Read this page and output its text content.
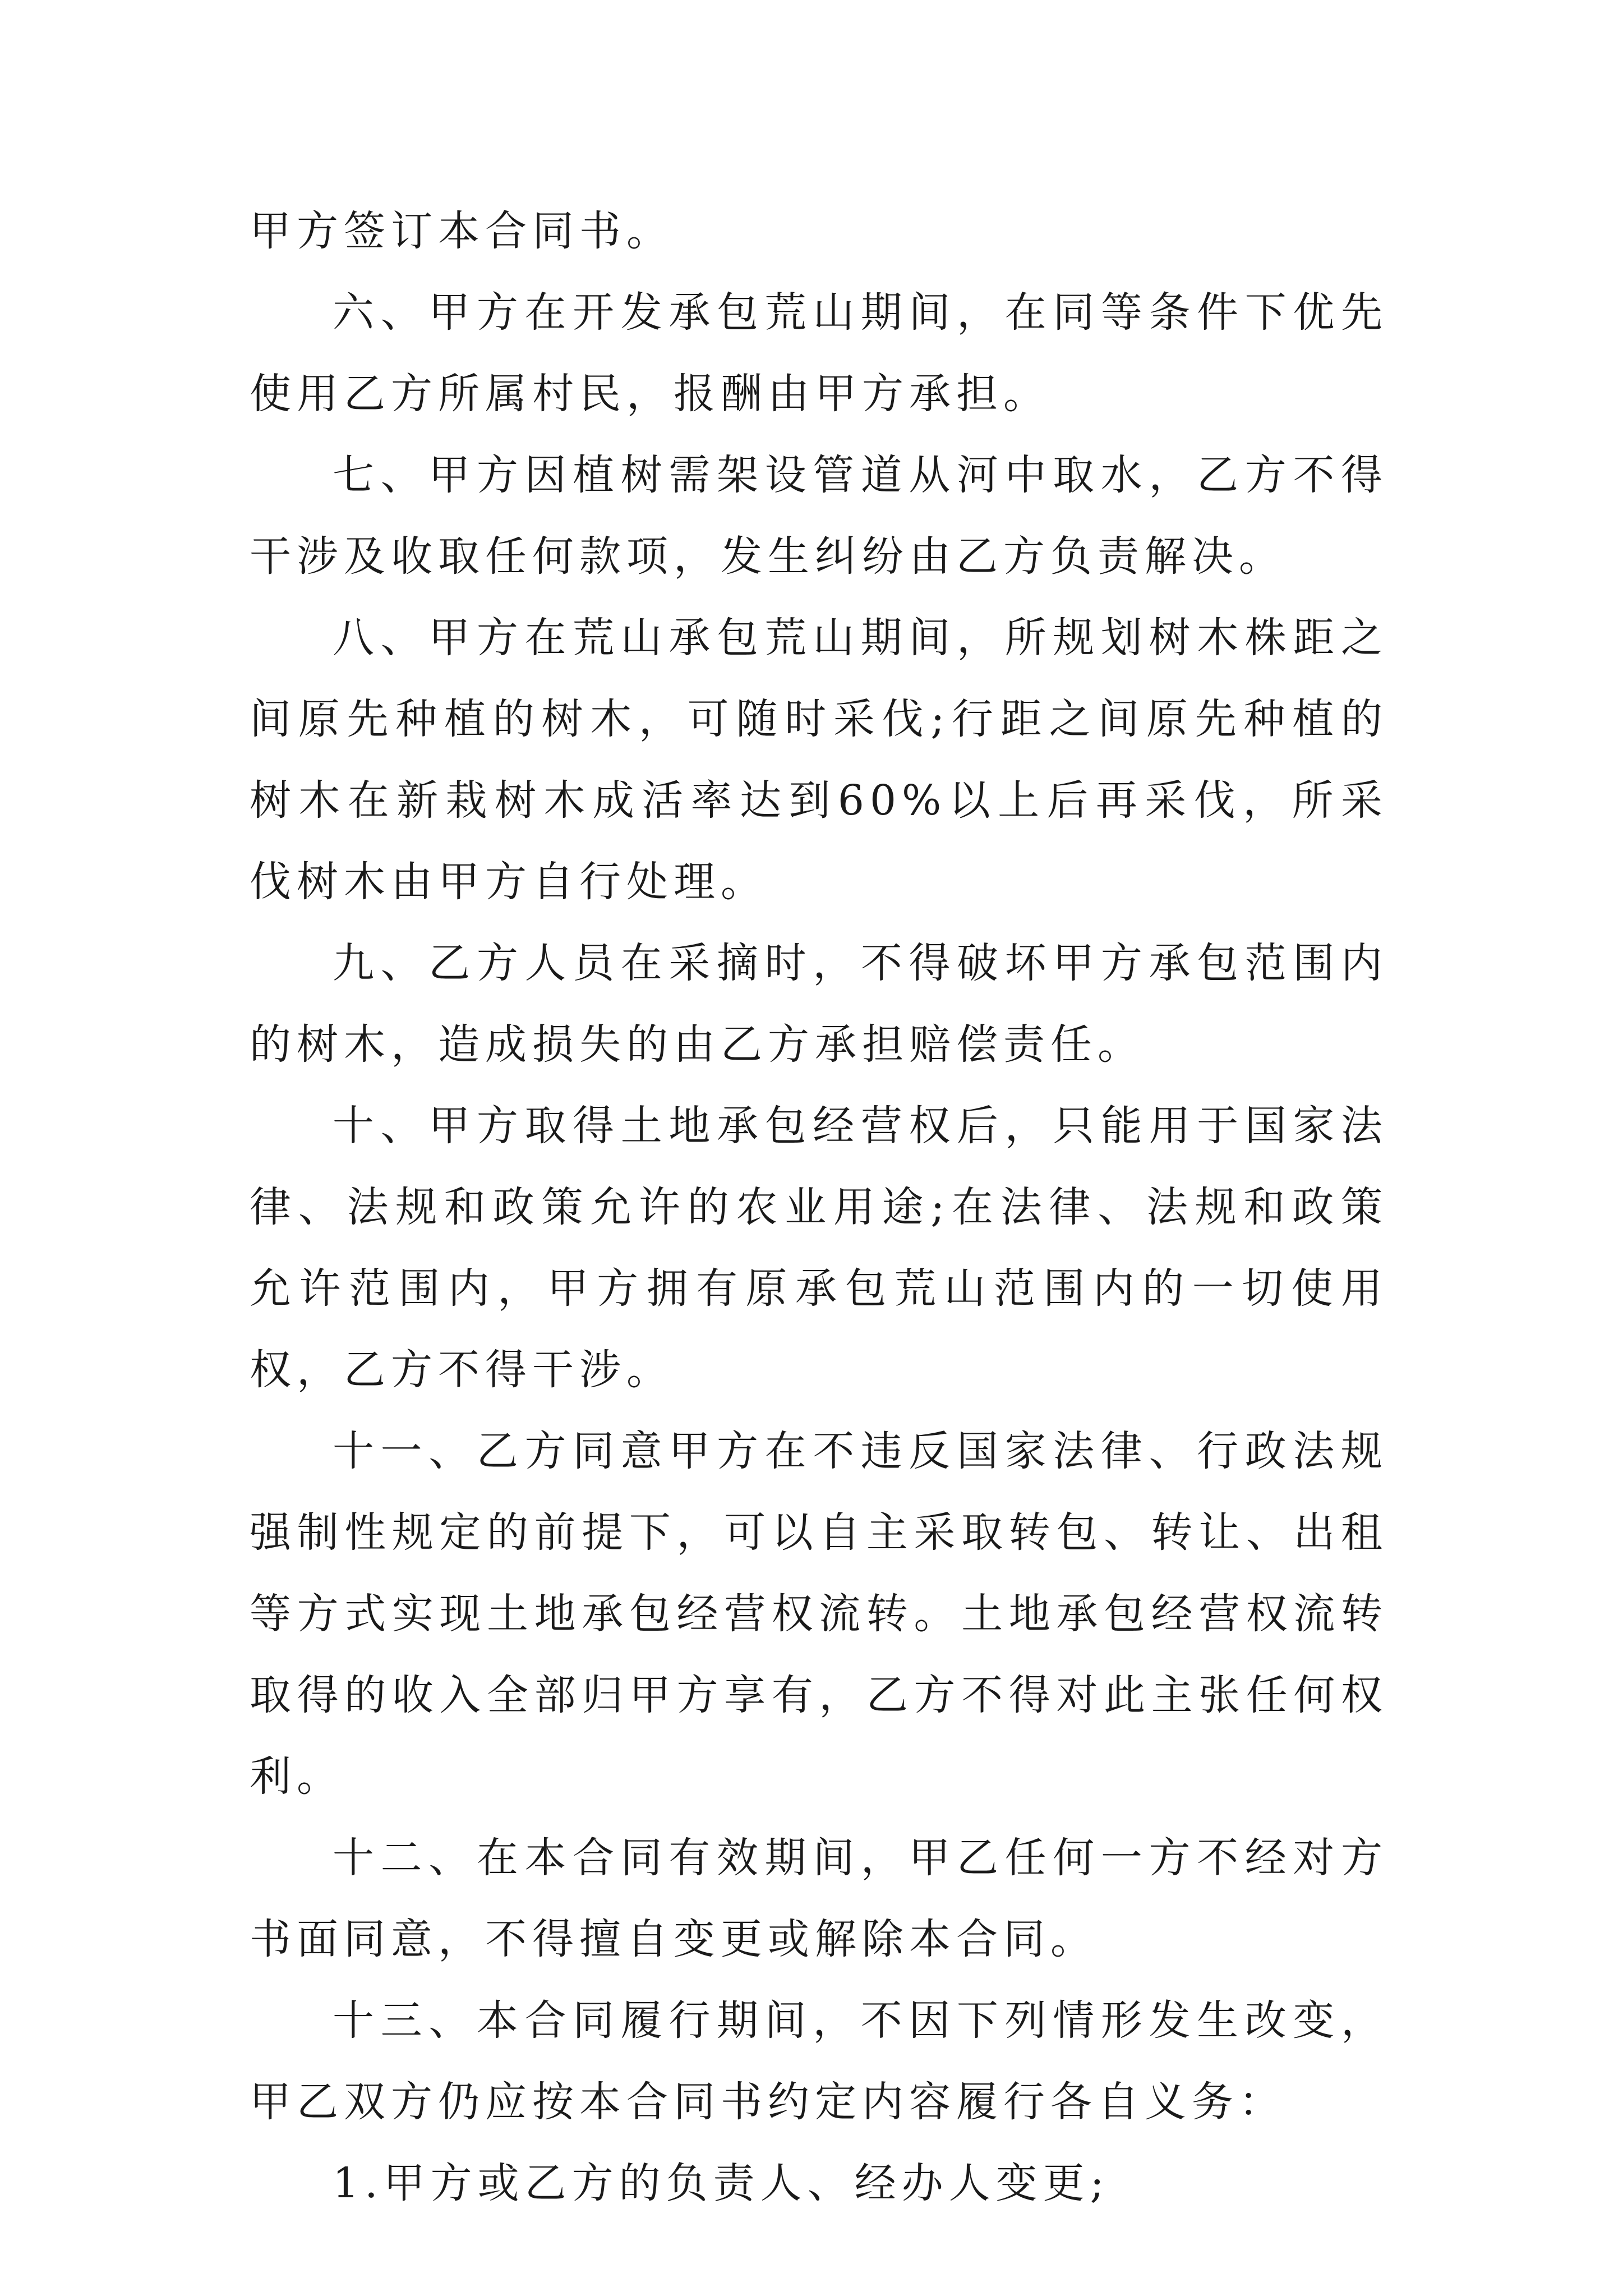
甲方签订本合同书。

六、甲方在开发承包荒山期间，在同等条件下优先使用乙方所属村民，报酬由甲方承担。

七、甲方因植树需架设管道从河中取水，乙方不得干涉及收取任何款项，发生纠纷由乙方负责解决。

八、甲方在荒山承包荒山期间，所规划树木株距之间原先种植的树木，可随时采伐;行距之间原先种植的树木在新栽树木成活率达到60%以上后再采伐，所采伐树木由甲方自行处理。

九、乙方人员在采摘时，不得破坏甲方承包范围内的树木，造成损失的由乙方承担赔偿责任。

十、甲方取得土地承包经营权后，只能用于国家法律、法规和政策允许的农业用途;在法律、法规和政策允许范围内，甲方拥有原承包荒山范围内的一切使用权，乙方不得干涉。

十一、乙方同意甲方在不违反国家法律、行政法规强制性规定的前提下，可以自主采取转包、转让、出租等方式实现土地承包经营权流转。土地承包经营权流转取得的收入全部归甲方享有，乙方不得对此主张任何权利。

十二、在本合同有效期间，甲乙任何一方不经对方书面同意，不得擅自变更或解除本合同。

十三、本合同履行期间，不因下列情形发生改变，甲乙双方仍应按本合同书约定内容履行各自义务：

1.甲方或乙方的负责人、经办人变更;
